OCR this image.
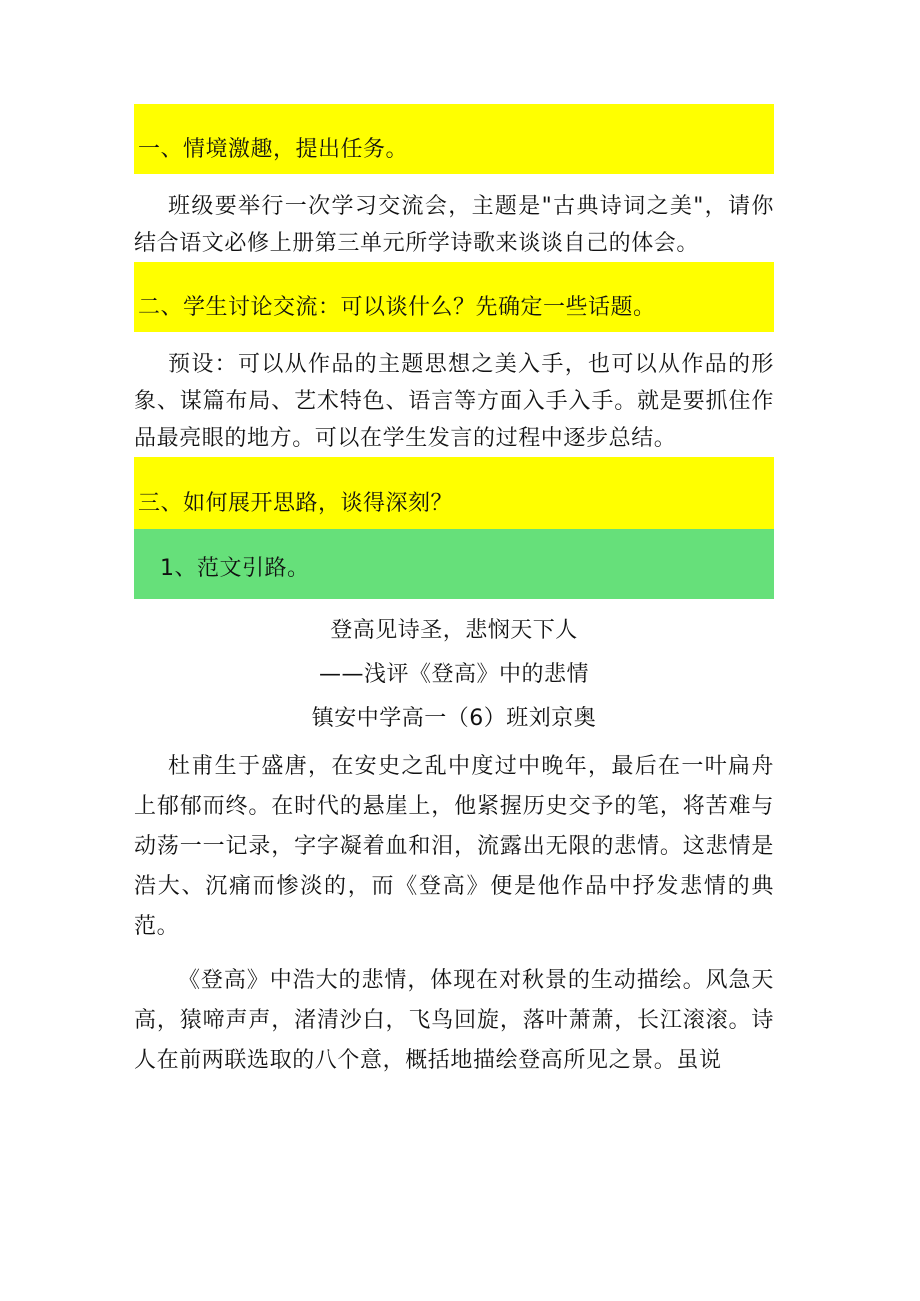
一、情境激趣，提出任务。

班级要举行一次学习交流会，主题是"古典诗词之美"，请你结合语文必修上册第三单元所学诗歌来谈谈自己的体会。

二、学生讨论交流：可以谈什么？先确定一些话题。

预设：可以从作品的主题思想之美入手，也可以从作品的形象、谋篇布局、艺术特色、语言等方面入手入手。就是要抓住作品最亮眼的地方。可以在学生发言的过程中逐步总结。

三、如何展开思路，谈得深刻？
1、范文引路。
登高见诗圣，悲悯天下人
——浅评《登高》中的悲情
镇安中学高一（6）班刘京奥

杜甫生于盛唐，在安史之乱中度过中晚年，最后在一叶扁舟上郁郁而终。在时代的悬崖上，他紧握历史交予的笔，将苦难与动荡一一记录，字字凝着血和泪，流露出无限的悲情。这悲情是浩大、沉痛而惨淡的，而《登高》便是他作品中抒发悲情的典范。

《登高》中浩大的悲情，体现在对秋景的生动描绘。风急天高，猿啼声声，渚清沙白，飞鸟回旋，落叶萧萧，长江滚滚。诗人在前两联选取的八个意，概括地描绘登高所见之景。虽说
